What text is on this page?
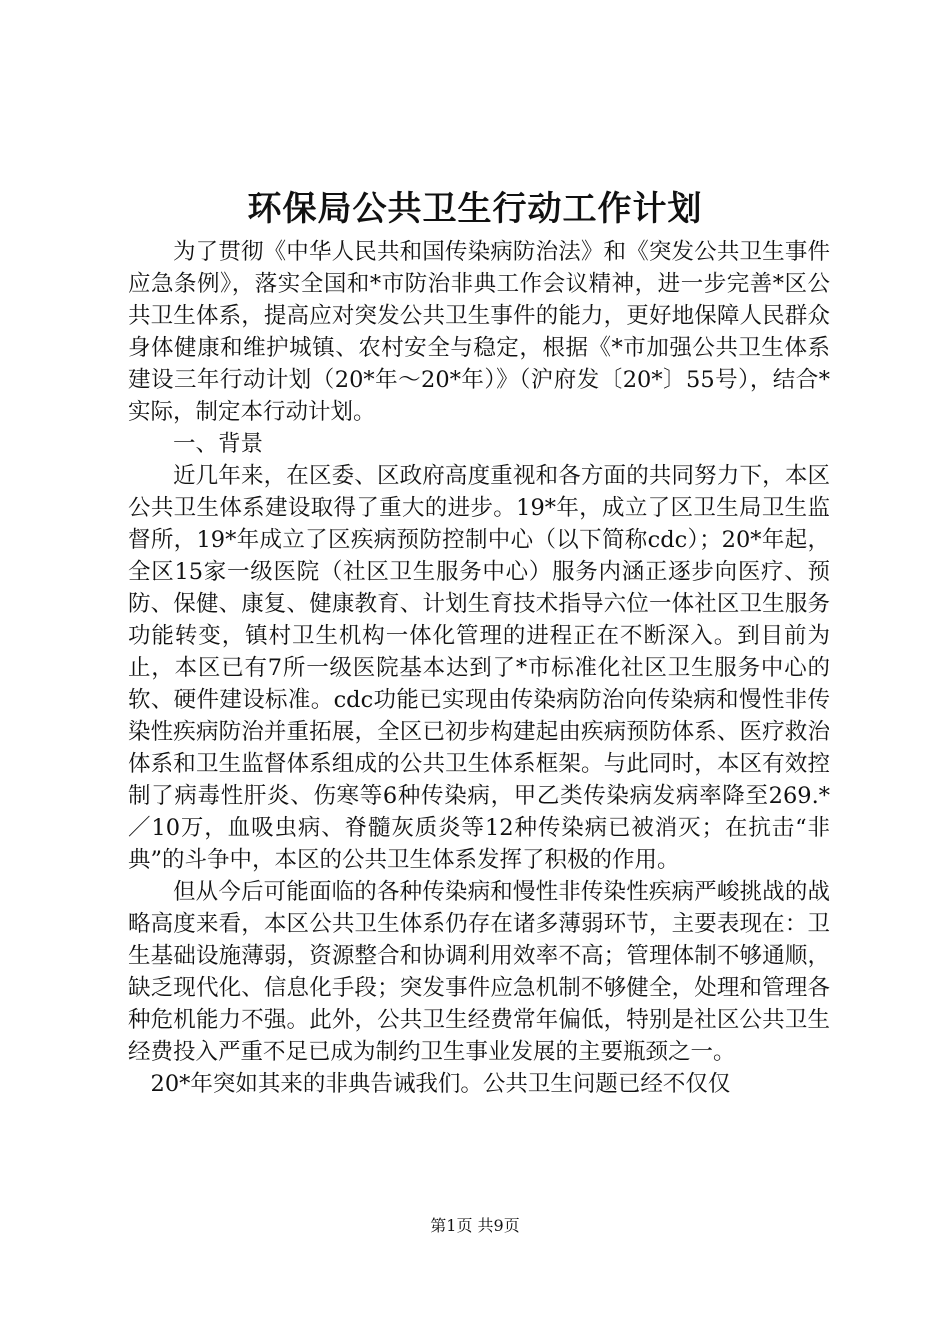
环保局公共卫生行动工作计划

为了贯彻《中华人民共和国传染病防治法》和《突发公共卫生事件应急条例》，落实全国和*市防治非典工作会议精神，进一步完善*区公共卫生体系，提高应对突发公共卫生事件的能力，更好地保障人民群众身体健康和维护城镇、农村安全与稳定，根据《*市加强公共卫生体系建设三年行动计划（20*年～20*年）》（沪府发〔20*〕55号），结合*实际，制定本行动计划。

一、背景

近几年来，在区委、区政府高度重视和各方面的共同努力下，本区公共卫生体系建设取得了重大的进步。19*年，成立了区卫生局卫生监督所，19*年成立了区疾病预防控制中心（以下简称cdc）；20*年起，全区15家一级医院（社区卫生服务中心）服务内涵正逐步向医疗、预防、保健、康复、健康教育、计划生育技术指导六位一体社区卫生服务功能转变，镇村卫生机构一体化管理的进程正在不断深入。到目前为止，本区已有7所一级医院基本达到了*市标准化社区卫生服务中心的软、硬件建设标准。cdc功能已实现由传染病防治向传染病和慢性非传染性疾病防治并重拓展，全区已初步构建起由疾病预防体系、医疗救治体系和卫生监督体系组成的公共卫生体系框架。与此同时，本区有效控制了病毒性肝炎、伤寒等6种传染病，甲乙类传染病发病率降至269.*／10万，血吸虫病、脊髓灰质炎等12种传染病已被消灭；在抗击“非典”的斗争中，本区的公共卫生体系发挥了积极的作用。

但从今后可能面临的各种传染病和慢性非传染性疾病严峻挑战的战略高度来看，本区公共卫生体系仍存在诸多薄弱环节，主要表现在：卫生基础设施薄弱，资源整合和协调利用效率不高；管理体制不够通顺，缺乏现代化、信息化手段；突发事件应急机制不够健全，处理和管理各种危机能力不强。此外，公共卫生经费常年偏低，特别是社区公共卫生经费投入严重不足已成为制约卫生事业发展的主要瓶颈之一。

20*年突如其来的非典告诫我们。公共卫生问题已经不仅仅

第1页 共9页
